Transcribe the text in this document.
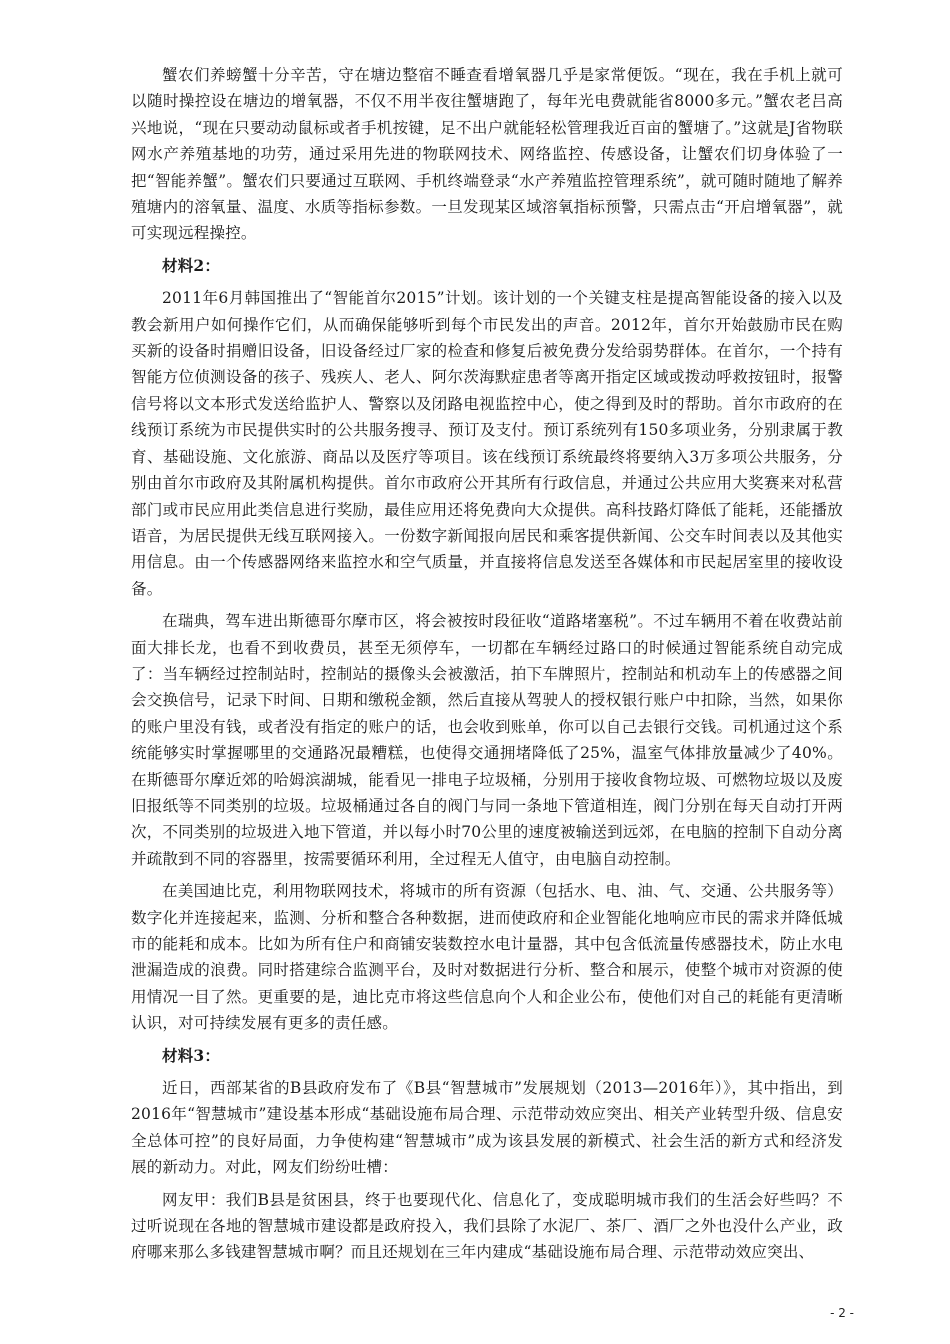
蟹农们养螃蟹十分辛苦，守在塘边整宿不睡查看增氧器几乎是家常便饭。“现在，我在手机上就可以随时操控设在塘边的增氧器，不仅不用半夜往蟹塘跑了，每年光电费就能省8000多元。”蟹农老吕高兴地说，“现在只要动动鼠标或者手机按键，足不出户就能轻松管理我近百亩的蟹塘了。”这就是J省物联网水产养殖基地的功劳，通过采用先进的物联网技术、网络监控、传感设备，让蟹农们切身体验了一把“智能养蟹”。蟹农们只要通过互联网、手机终端登录“水产养殖监控管理系统”，就可随时随地了解养殖塘内的溶氧量、温度、水质等指标参数。一旦发现某区域溶氧指标预警，只需点击“开启增氧器”，就可实现远程操控。

材料2：

2011年6月韩国推出了“智能首尔2015”计划。该计划的一个关键支柱是提高智能设备的接入以及教会新用户如何操作它们，从而确保能够听到每个市民发出的声音。2012年，首尔开始鼓励市民在购买新的设备时捐赠旧设备，旧设备经过厂家的检查和修复后被免费分发给弱势群体。在首尔，一个持有智能方位侦测设备的孩子、残疾人、老人、阿尔茨海默症患者等离开指定区域或拨动呼救按钮时，报警信号将以文本形式发送给监护人、警察以及闭路电视监控中心，使之得到及时的帮助。首尔市政府的在线预订系统为市民提供实时的公共服务搜寻、预订及支付。预订系统列有150多项业务，分别隶属于教育、基础设施、文化旅游、商品以及医疗等项目。该在线预订系统最终将要纳入3万多项公共服务，分别由首尔市政府及其附属机构提供。首尔市政府公开其所有行政信息，并通过公共应用大奖赛来对私营部门或市民应用此类信息进行奖励，最佳应用还将免费向大众提供。高科技路灯降低了能耗，还能播放语音，为居民提供无线互联网接入。一份数字新闻报向居民和乘客提供新闻、公交车时间表以及其他实用信息。由一个传感器网络来监控水和空气质量，并直接将信息发送至各媒体和市民起居室里的接收设备。

在瑞典，驾车进出斯德哥尔摩市区，将会被按时段征收“道路堵塞税”。不过车辆用不着在收费站前面大排长龙，也看不到收费员，甚至无须停车，一切都在车辆经过路口的时候通过智能系统自动完成了：当车辆经过控制站时，控制站的摄像头会被激活，拍下车牌照片，控制站和机动车上的传感器之间会交换信号，记录下时间、日期和缴税金额，然后直接从驾驶人的授权银行账户中扣除，当然，如果你的账户里没有钱，或者没有指定的账户的话，也会收到账单，你可以自己去银行交钱。司机通过这个系统能够实时掌握哪里的交通路况最糟糕，也使得交通拥堵降低了25%，温室气体排放量减少了40%。在斯德哥尔摩近郊的哈姆滨湖城，能看见一排电子垃圾桶，分别用于接收食物垃圾、可燃物垃圾以及废旧报纸等不同类别的垃圾。垃圾桶通过各自的阀门与同一条地下管道相连，阀门分别在每天自动打开两次，不同类别的垃圾进入地下管道，并以每小时70公里的速度被输送到远郊，在电脑的控制下自动分离并疏散到不同的容器里，按需要循环利用，全过程无人值守，由电脑自动控制。

在美国迪比克，利用物联网技术，将城市的所有资源（包括水、电、油、气、交通、公共服务等）数字化并连接起来，监测、分析和整合各种数据，进而使政府和企业智能化地响应市民的需求并降低城市的能耗和成本。比如为所有住户和商铺安装数控水电计量器，其中包含低流量传感器技术，防止水电泄漏造成的浪费。同时搭建综合监测平台，及时对数据进行分析、整合和展示，使整个城市对资源的使用情况一目了然。更重要的是，迪比克市将这些信息向个人和企业公布，使他们对自己的耗能有更清晰认识，对可持续发展有更多的责任感。

材料3：

近日，西部某省的B县政府发布了《B县“智慧城市”发展规划（2013—2016年）》，其中指出，到2016年“智慧城市”建设基本形成“基础设施布局合理、示范带动效应突出、相关产业转型升级、信息安全总体可控”的良好局面，力争使构建“智慧城市”成为该县发展的新模式、社会生活的新方式和经济发展的新动力。对此，网友们纷纷吐槽：

网友甲：我们B县是贫困县，终于也要现代化、信息化了，变成聪明城市我们的生活会好些吗？不过听说现在各地的智慧城市建设都是政府投入，我们县除了水泥厂、茶厂、酒厂之外也没什么产业，政府哪来那么多钱建智慧城市啊？而且还规划在三年内建成“基础设施布局合理、示范带动效应突出、

- 2 -
